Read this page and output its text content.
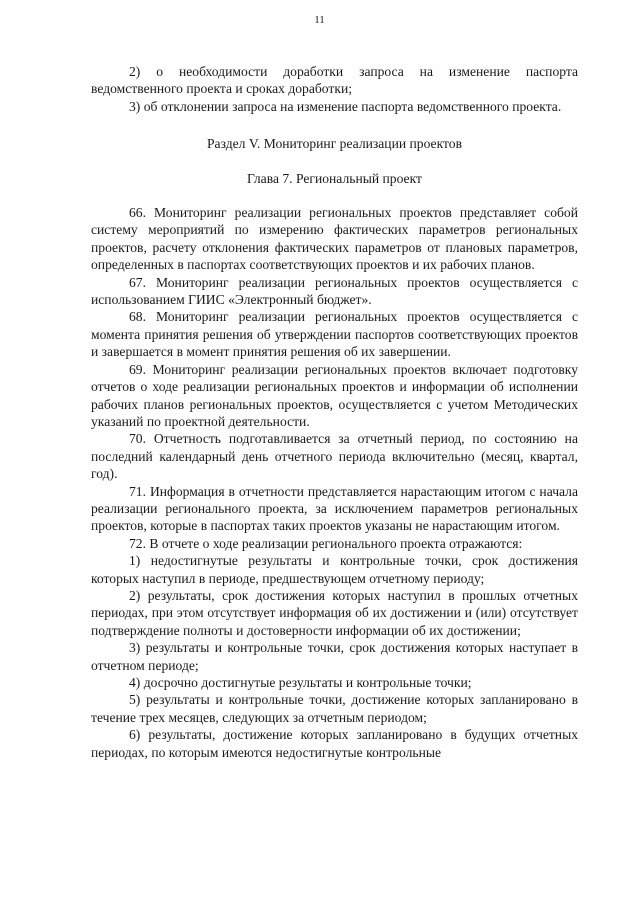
11

2) о необходимости доработки запроса на изменение паспорта ведомственного проекта и сроках доработки;

3) об отклонении запроса на изменение паспорта ведомственного проекта.

Раздел V. Мониторинг реализации проектов

Глава 7. Региональный проект

66. Мониторинг реализации региональных проектов представляет собой систему мероприятий по измерению фактических параметров региональных проектов, расчету отклонения фактических параметров от плановых параметров, определенных в паспортах соответствующих проектов и их рабочих планов.

67. Мониторинг реализации региональных проектов осуществляется с использованием ГИИС «Электронный бюджет».

68. Мониторинг реализации региональных проектов осуществляется с момента принятия решения об утверждении паспортов соответствующих проектов и завершается в момент принятия решения об их завершении.

69. Мониторинг реализации региональных проектов включает подготовку отчетов о ходе реализации региональных проектов и информации об исполнении рабочих планов региональных проектов, осуществляется с учетом Методических указаний по проектной деятельности.

70. Отчетность подготавливается за отчетный период, по состоянию на последний календарный день отчетного периода включительно (месяц, квартал, год).

71. Информация в отчетности представляется нарастающим итогом с начала реализации регионального проекта, за исключением параметров региональных проектов, которые в паспортах таких проектов указаны не нарастающим итогом.

72. В отчете о ходе реализации регионального проекта отражаются:

1) недостигнутые результаты и контрольные точки, срок достижения которых наступил в периоде, предшествующем отчетному периоду;

2) результаты, срок достижения которых наступил в прошлых отчетных периодах, при этом отсутствует информация об их достижении и (или) отсутствует подтверждение полноты и достоверности информации об их достижении;

3) результаты и контрольные точки, срок достижения которых наступает в отчетном периоде;

4) досрочно достигнутые результаты и контрольные точки;

5) результаты и контрольные точки, достижение которых запланировано в течение трех месяцев, следующих за отчетным периодом;

6) результаты, достижение которых запланировано в будущих отчетных периодах, по которым имеются недостигнутые контрольные
